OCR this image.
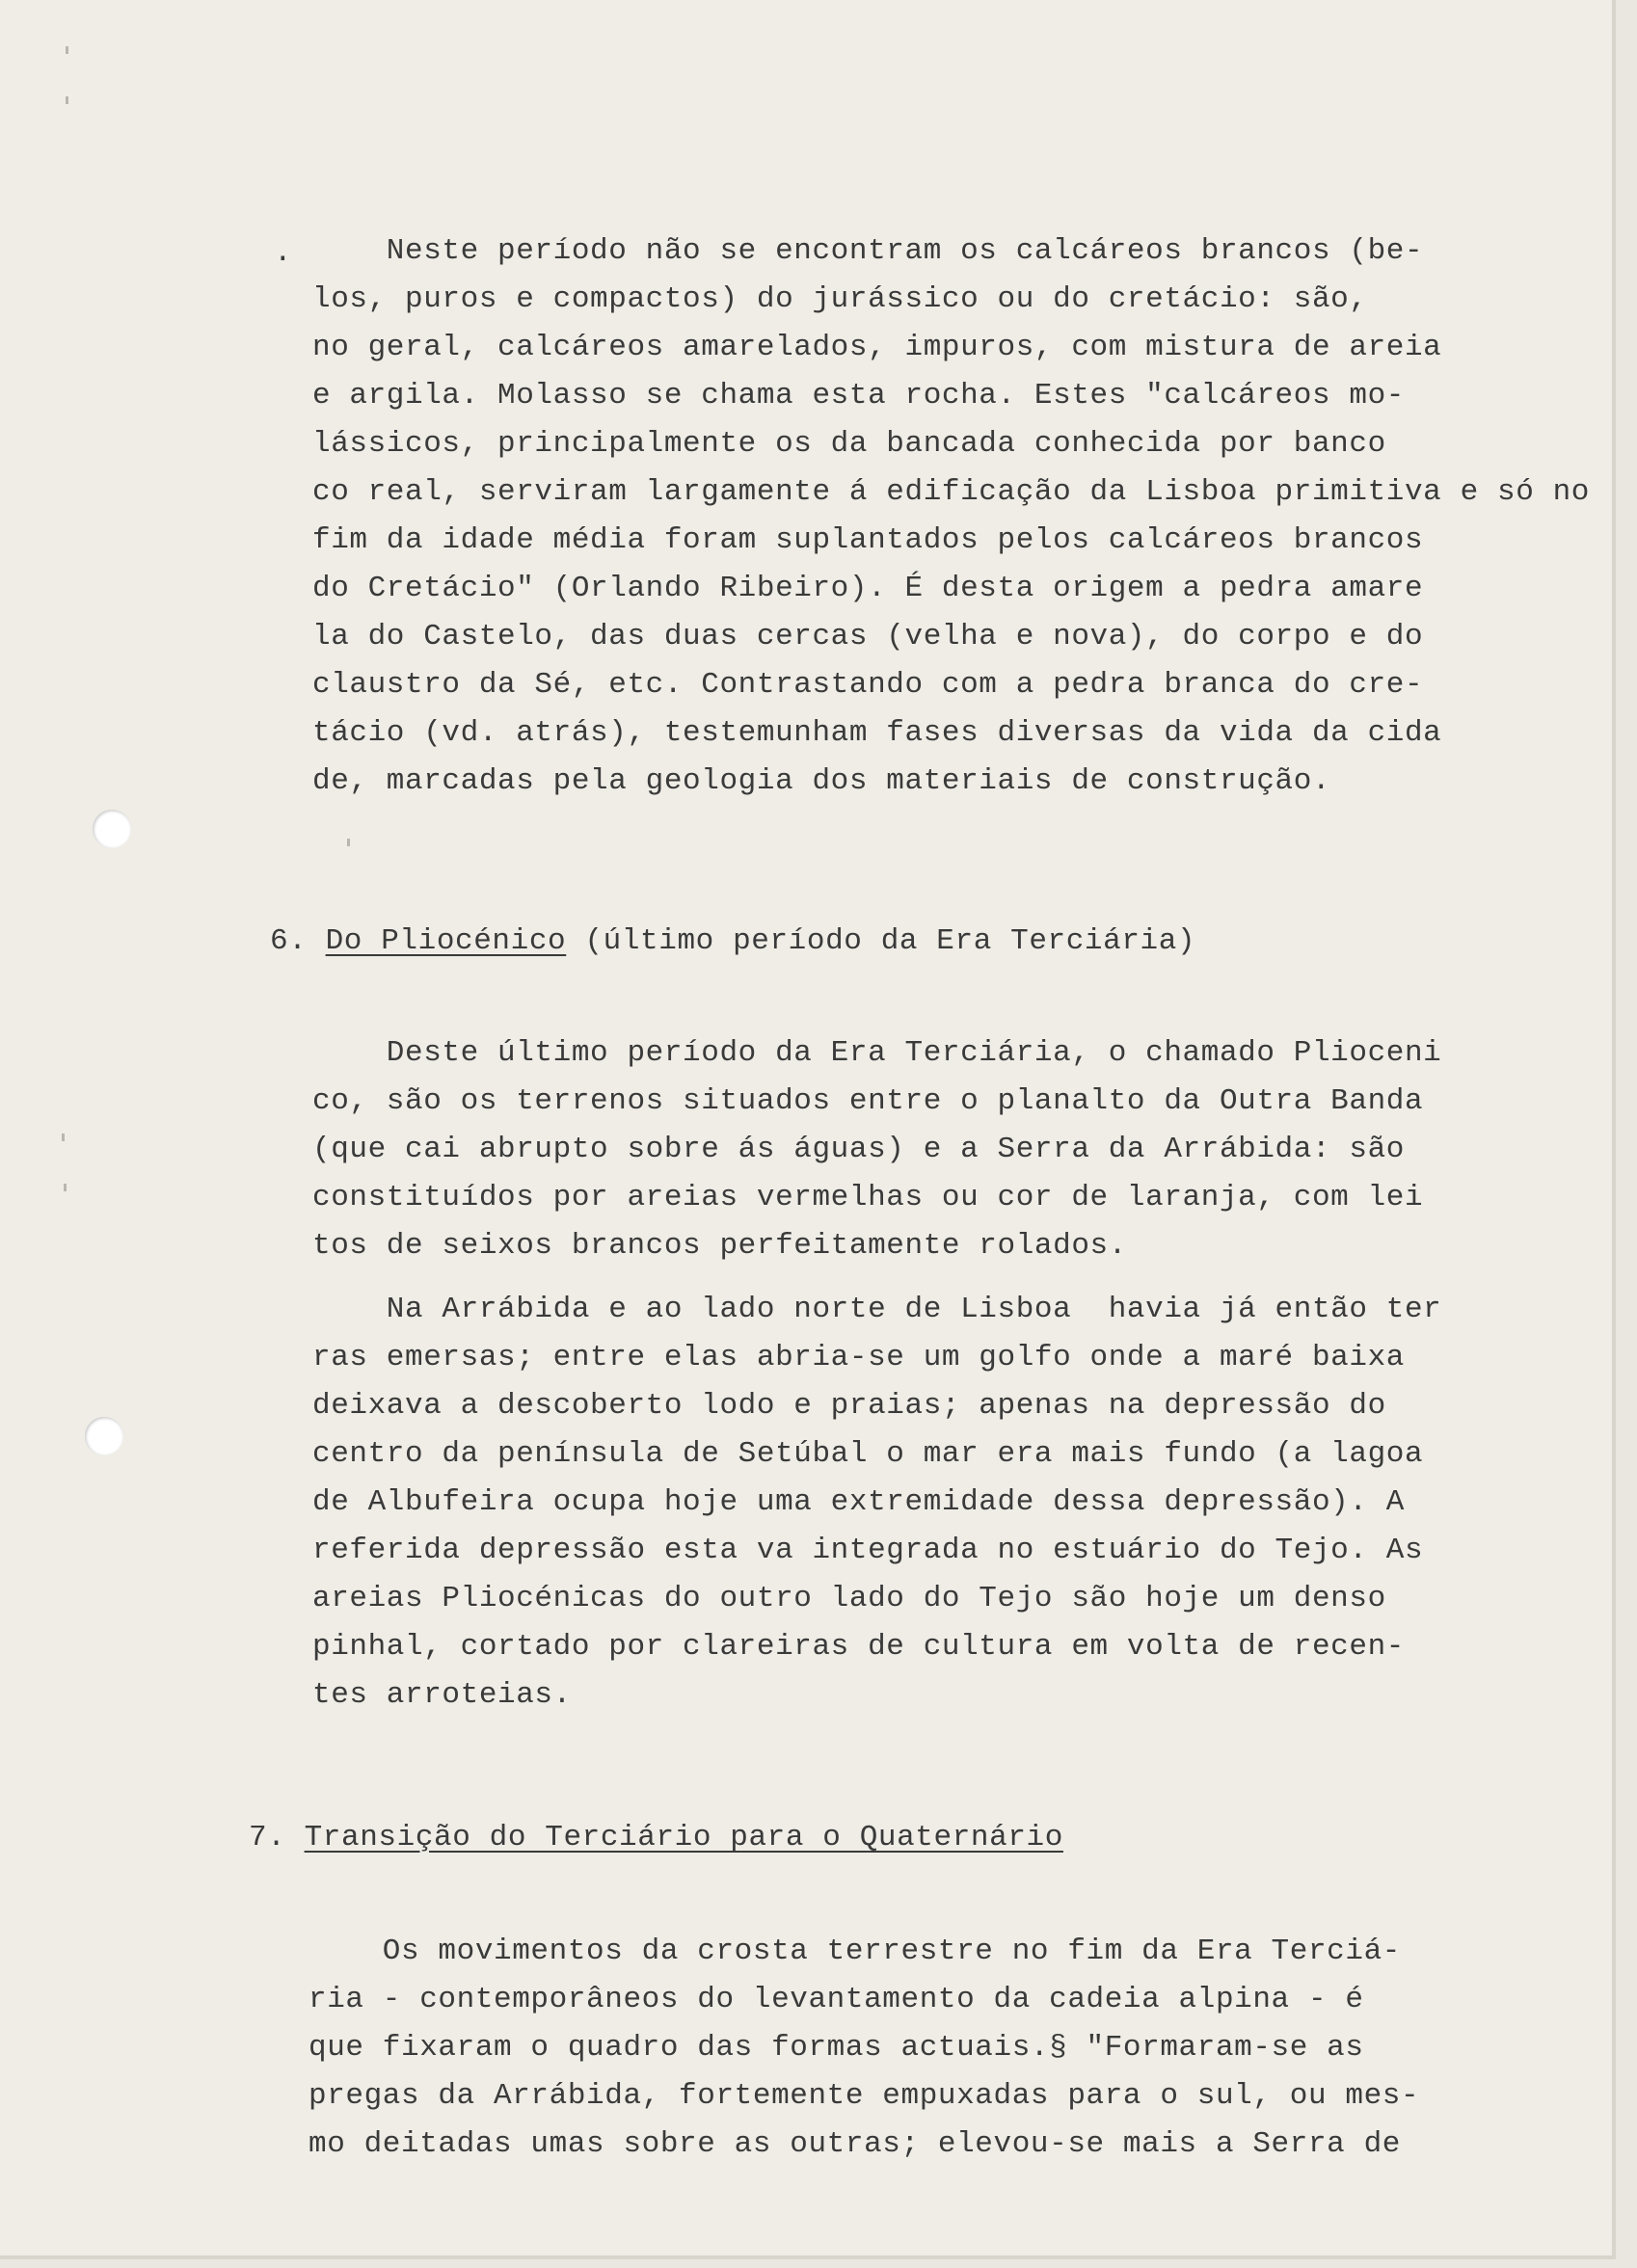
. Neste período não se encontram os calcáreos brancos (be-
los, puros e compactos) do jurássico ou do cretácio: são,
no geral, calcáreos amarelados, impuros, com mistura de areia
e argila. Molasso se chama esta rocha. Estes "calcáreos mo-
lássicos, principalmente os da bancada conhecida por banco
co real, serviram largamente á edificação da Lisboa primitiva e só no
fim da idade média foram suplantados pelos calcáreos brancos
do Cretácio" (Orlando Ribeiro). É desta origem a pedra amare
la do Castelo, das duas cercas (velha e nova), do corpo e do
claustro da Sé, etc. Contrastando com a pedra branca do cre-
tácio (vd. atrás), testemunham fases diversas da vida da cida
de, marcadas pela geologia dos materiais de construção.
6. Do Pliocénico (último período da Era Terciária)
Deste último período da Era Terciária, o chamado Plioceni
co, são os terrenos situados entre o planalto da Outra Banda
(que cai abrupto sobre ás águas) e a Serra da Arrábida: são
constituídos por areias vermelhas ou cor de laranja, com lei
tos de seixos brancos perfeitamente rolados.
Na Arrábida e ao lado norte de Lisboa  havia já então ter
ras emersas; entre elas abria-se um golfo onde a maré baixa
deixava a descoberto lodo e praias; apenas na depressão do
centro da península de Setúbal o mar era mais fundo (a lagoa
de Albufeira ocupa hoje uma extremidade dessa depressão). A
referida depressão esta va integrada no estuário do Tejo. As
areias Pliocénicas do outro lado do Tejo são hoje um denso
pinhal, cortado por clareiras de cultura em volta de recen-
tes arroteias.
7. Transição do Terciário para o Quaternário
Os movimentos da crosta terrestre no fim da Era Terciá-
ria - contemporâneos do levantamento da cadeia alpina - é
que fixaram o quadro das formas actuais.§ "Formaram-se as
pregas da Arrábida, fortemente empuxadas para o sul, ou mes-
mo deitadas umas sobre as outras; elevou-se mais a Serra de
